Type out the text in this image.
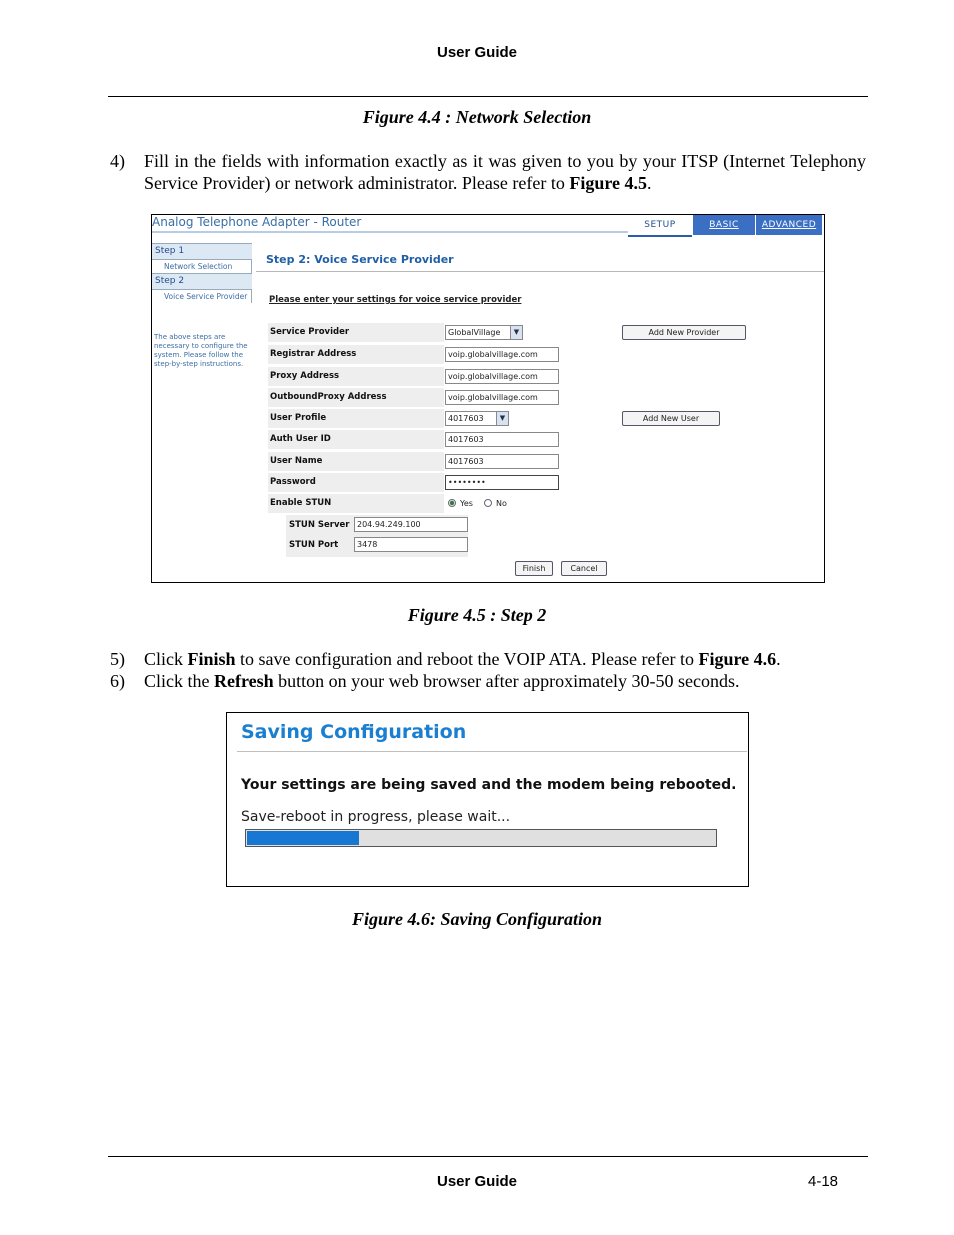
User Guide
Figure 4.4 : Network Selection
4)	Fill in the fields with information exactly as it was given to you by your ITSP (Internet Telephony Service Provider) or network administrator. Please refer to Figure 4.5.
Analog Telephone Adapter - Router	SETUP	BASIC	ADVANCED
Step 1
Network Selection
Step 2
Voice Service Provider
The above steps are necessary to configure the system. Please follow the step-by-step instructions.
Step 2: Voice Service Provider
Please enter your settings for voice service provider
Service Provider	GlobalVillage	▼	Add New Provider
Registrar Address	voip.globalvillage.com
Proxy Address	voip.globalvillage.com
OutboundProxy Address	voip.globalvillage.com
User Profile	4017603	▼	Add New User
Auth User ID	4017603
User Name	4017603
Password	••••••••
Enable STUN	Yes	No
STUN Server 204.94.249.100
STUN Port	3478
Finish	Cancel
Figure 4.5 : Step 2
5)	Click Finish to save configuration and reboot the VOIP ATA. Please refer to Figure 4.6.
6)	Click the Refresh button on your web browser after approximately 30-50 seconds.
Saving Configuration
Your settings are being saved and the modem being rebooted.
Save-reboot in progress, please wait...
Figure 4.6: Saving Configuration
User Guide	4-18
